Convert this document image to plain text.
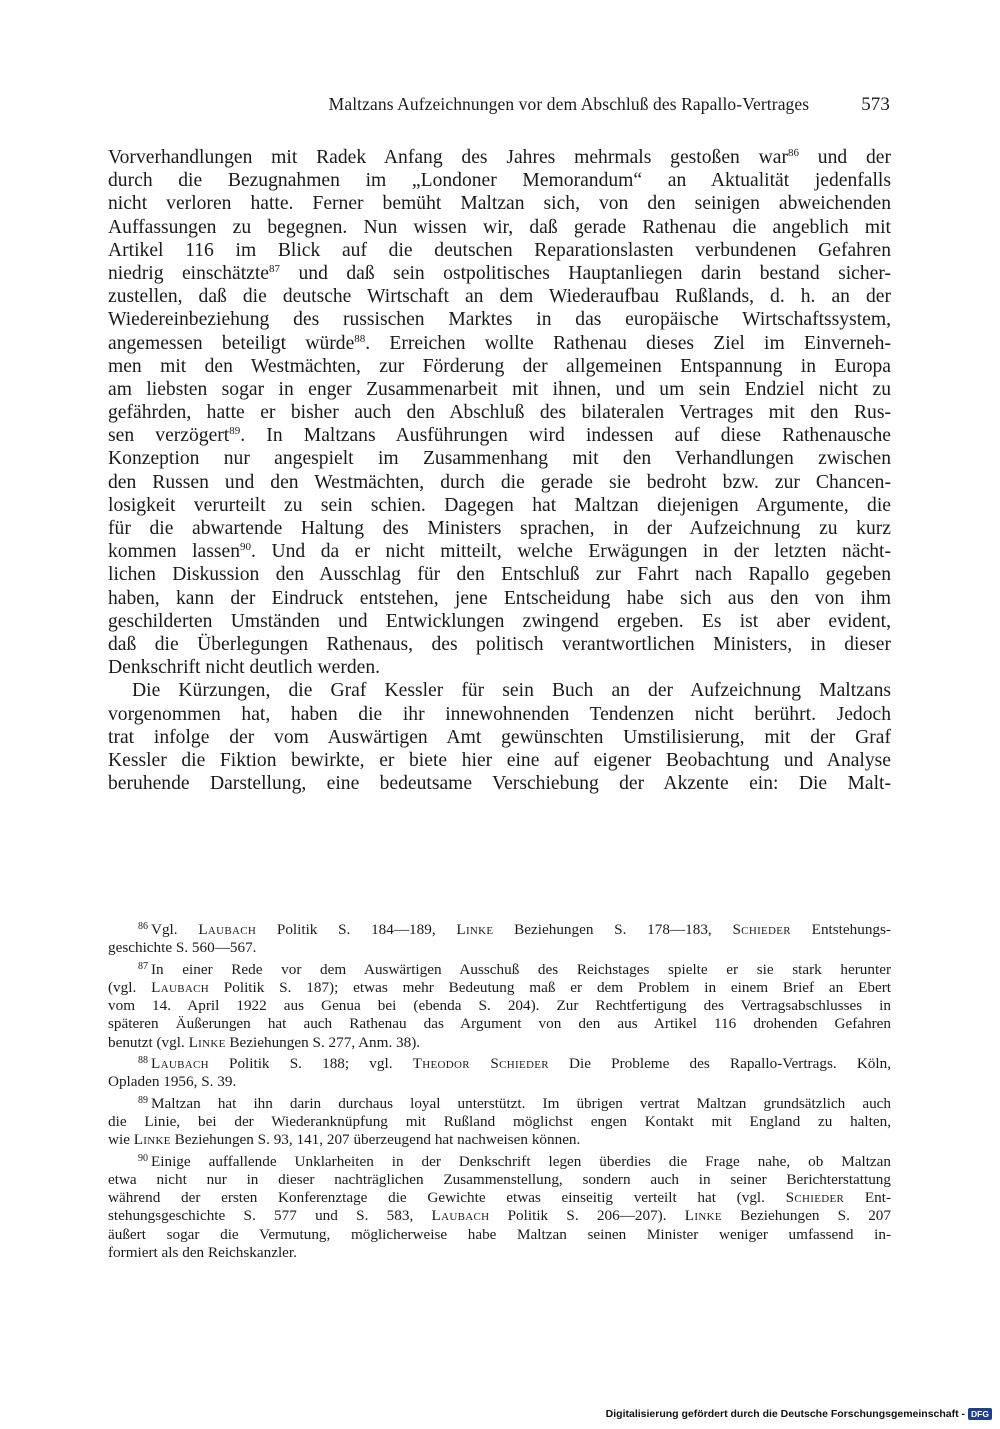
Maltzans Aufzeichnungen vor dem Abschluß des Rapallo-Vertrages	573
Vorverhandlungen mit Radek Anfang des Jahres mehrmals gestoßen war$^{86}$ und der
durch die Bezugnahmen im „Londoner Memorandum“ an Aktualität jedenfalls
nicht verloren hatte. Ferner bemüht Maltzan sich, von den seinigen abweichenden
Auffassungen zu begegnen. Nun wissen wir, daß gerade Rathenau die angeblich mit
Artikel 116 im Blick auf die deutschen Reparationslasten verbundenen Gefahren
niedrig einschätzte$^{87}$ und daß sein ostpolitisches Hauptanliegen darin bestand sicher-
zustellen, daß die deutsche Wirtschaft an dem Wiederaufbau Rußlands, d. h. an der
Wiedereinbeziehung des russischen Marktes in das europäische Wirtschaftssystem,
angemessen beteiligt würde$^{88}$. Erreichen wollte Rathenau dieses Ziel im Einverneh-
men mit den Westmächten, zur Förderung der allgemeinen Entspannung in Europa
am liebsten sogar in enger Zusammenarbeit mit ihnen, und um sein Endziel nicht zu
gefährden, hatte er bisher auch den Abschluß des bilateralen Vertrages mit den Rus-
sen verzögert$^{89}$. In Maltzans Ausführungen wird indessen auf diese Rathenausche
Konzeption nur angespielt im Zusammenhang mit den Verhandlungen zwischen
den Russen und den Westmächten, durch die gerade sie bedroht bzw. zur Chancen-
losigkeit verurteilt zu sein schien. Dagegen hat Maltzan diejenigen Argumente, die
für die abwartende Haltung des Ministers sprachen, in der Aufzeichnung zu kurz
kommen lassen$^{90}$. Und da er nicht mitteilt, welche Erwägungen in der letzten nächt-
lichen Diskussion den Ausschlag für den Entschluß zur Fahrt nach Rapallo gegeben
haben, kann der Eindruck entstehen, jene Entscheidung habe sich aus den von ihm
geschilderten Umständen und Entwicklungen zwingend ergeben. Es ist aber evident,
daß die Überlegungen Rathenaus, des politisch verantwortlichen Ministers, in dieser
Denkschrift nicht deutlich werden.
Die Kürzungen, die Graf Kessler für sein Buch an der Aufzeichnung Maltzans
vorgenommen hat, haben die ihr innewohnenden Tendenzen nicht berührt. Jedoch
trat infolge der vom Auswärtigen Amt gewünschten Umstilisierung, mit der Graf
Kessler die Fiktion bewirkte, er biete hier eine auf eigener Beobachtung und Analyse
beruhende Darstellung, eine bedeutsame Verschiebung der Akzente ein: Die Malt-
$^{86}$ Vgl. Laubach Politik S. 184—189, Linke Beziehungen S. 178—183, Schieder Entstehungs-
geschichte S. 560—567.
$^{87}$ In einer Rede vor dem Auswärtigen Ausschuß des Reichstages spielte er sie stark herunter
(vgl. Laubach Politik S. 187); etwas mehr Bedeutung maß er dem Problem in einem Brief an Ebert
vom 14. April 1922 aus Genua bei (ebenda S. 204). Zur Rechtfertigung des Vertragsabschlusses in
späteren Äußerungen hat auch Rathenau das Argument von den aus Artikel 116 drohenden Gefahren
benutzt (vgl. Linke Beziehungen S. 277, Anm. 38).
$^{88}$ Laubach Politik S. 188; vgl. Theodor Schieder Die Probleme des Rapallo-Vertrags. Köln,
Opladen 1956, S. 39.
$^{89}$ Maltzan hat ihn darin durchaus loyal unterstützt. Im übrigen vertrat Maltzan grundsätzlich auch
die Linie, bei der Wiederanknüpfung mit Rußland möglichst engen Kontakt mit England zu halten,
wie Linke Beziehungen S. 93, 141, 207 überzeugend hat nachweisen können.
$^{90}$ Einige auffallende Unklarheiten in der Denkschrift legen überdies die Frage nahe, ob Maltzan
etwa nicht nur in dieser nachträglichen Zusammenstellung, sondern auch in seiner Berichterstattung
während der ersten Konferenztage die Gewichte etwas einseitig verteilt hat (vgl. Schieder Ent-
stehungsgeschichte S. 577 und S. 583, Laubach Politik S. 206—207). Linke Beziehungen S. 207
äußert sogar die Vermutung, möglicherweise habe Maltzan seinen Minister weniger umfassend in-
formiert als den Reichskanzler.
Digitalisierung gefördert durch die Deutsche Forschungsgemeinschaft - DFG
